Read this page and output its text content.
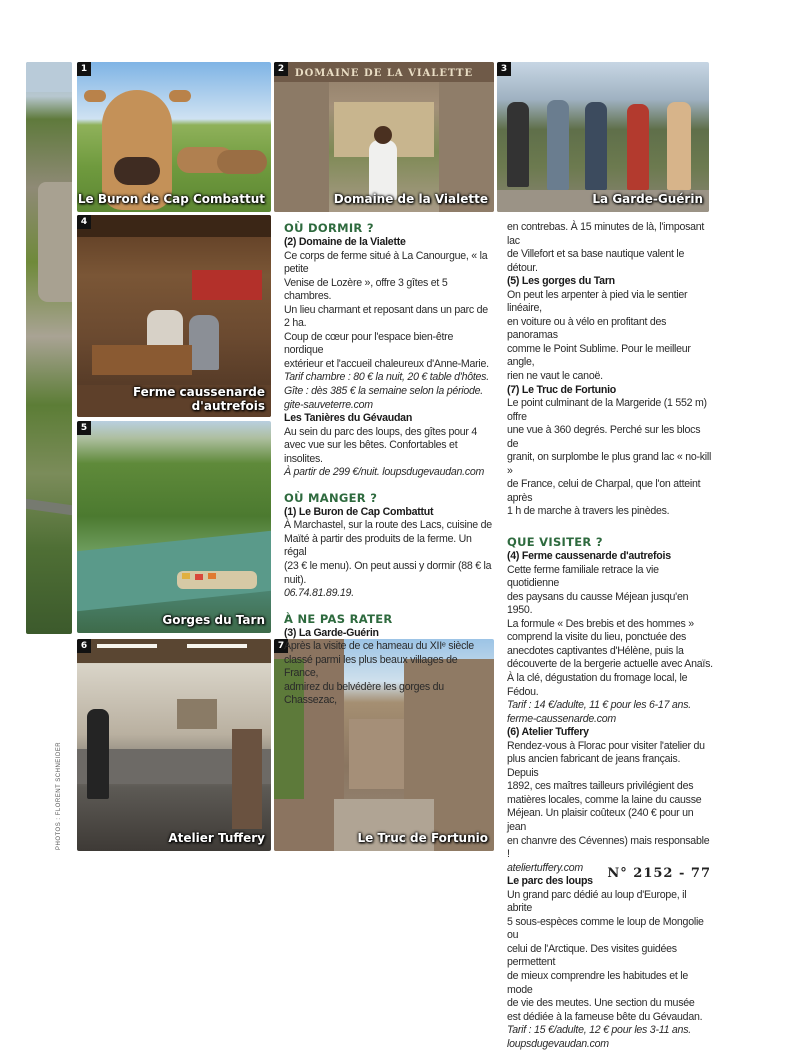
1
Le Buron de Cap Combattut
DOMAINE DE LA VIALETTE
2
Domaine de la Vialette
3
La Garde-Guérin
4
Ferme caussenarde
d'autrefois
5
Gorges du Tarn
6
Atelier Tuffery
7
Le Truc de Fortunio
PHOTOS : FLORENT SCHNEIDER

OÙ DORMIR ?

(2) Domaine de la Vialette

Ce corps de ferme situé à La Canourgue, « la petite

Venise de Lozère », offre 3 gîtes et 5 chambres.

Un lieu charmant et reposant dans un parc de 2 ha.

Coup de cœur pour l'espace bien-être nordique

extérieur et l'accueil chaleureux d'Anne-Marie.

Tarif chambre : 80 € la nuit, 20 € table d'hôtes.

Gîte : dès 385 € la semaine selon la période.

gite-sauveterre.com

Les Tanières du Gévaudan

Au sein du parc des loups, des gîtes pour 4

avec vue sur les bêtes. Confortables et insolites.

À partir de 299 €/nuit. loupsdugevaudan.com

OÙ MANGER ?

(1) Le Buron de Cap Combattut

À Marchastel, sur la route des Lacs, cuisine de

Maïté à partir des produits de la ferme. Un régal

(23 € le menu). On peut aussi y dormir (88 € la nuit).

06.74.81.89.19.

À NE PAS RATER

(3) La Garde-Guérin

Après la visite de ce hameau du XIIᵉ siècle

classé parmi les plus beaux villages de France,

admirez du belvédère les gorges du Chassezac,

en contrebas. À 15 minutes de là, l'imposant lac

de Villefort et sa base nautique valent le détour.

(5) Les gorges du Tarn

On peut les arpenter à pied via le sentier linéaire,

en voiture ou à vélo en profitant des panoramas

comme le Point Sublime. Pour le meilleur angle,

rien ne vaut le canoë.

(7) Le Truc de Fortunio

Le point culminant de la Margeride (1 552 m) offre

une vue à 360 degrés. Perché sur les blocs de

granit, on surplombe le plus grand lac « no-kill »

de France, celui de Charpal, que l'on atteint après

1 h de marche à travers les pinèdes.

QUE VISITER ?

(4) Ferme caussenarde d'autrefois

Cette ferme familiale retrace la vie quotidienne

des paysans du causse Méjean jusqu'en 1950.

La formule « Des brebis et des hommes »

comprend la visite du lieu, ponctuée des

anecdotes captivantes d'Hélène, puis la

découverte de la bergerie actuelle avec Anaïs.

À la clé, dégustation du fromage local, le Fédou.

Tarif : 14 €/adulte, 11 € pour les 6-17 ans.

ferme-caussenarde.com

(6) Atelier Tuffery

Rendez-vous à Florac pour visiter l'atelier du

plus ancien fabricant de jeans français. Depuis

1892, ces maîtres tailleurs privilégient des

matières locales, comme la laine du causse

Méjean. Un plaisir coûteux (240 € pour un jean

en chanvre des Cévennes) mais responsable !

ateliertuffery.com

Le parc des loups

Un grand parc dédié au loup d'Europe, il abrite

5 sous-espèces comme le loup de Mongolie ou

celui de l'Arctique. Des visites guidées permettent

de mieux comprendre les habitudes et le mode

de vie des meutes. Une section du musée

est dédiée à la fameuse bête du Gévaudan.

Tarif : 15 €/adulte, 12 € pour les 3-11 ans.

loupsdugevaudan.com

N° 2152 - 77
